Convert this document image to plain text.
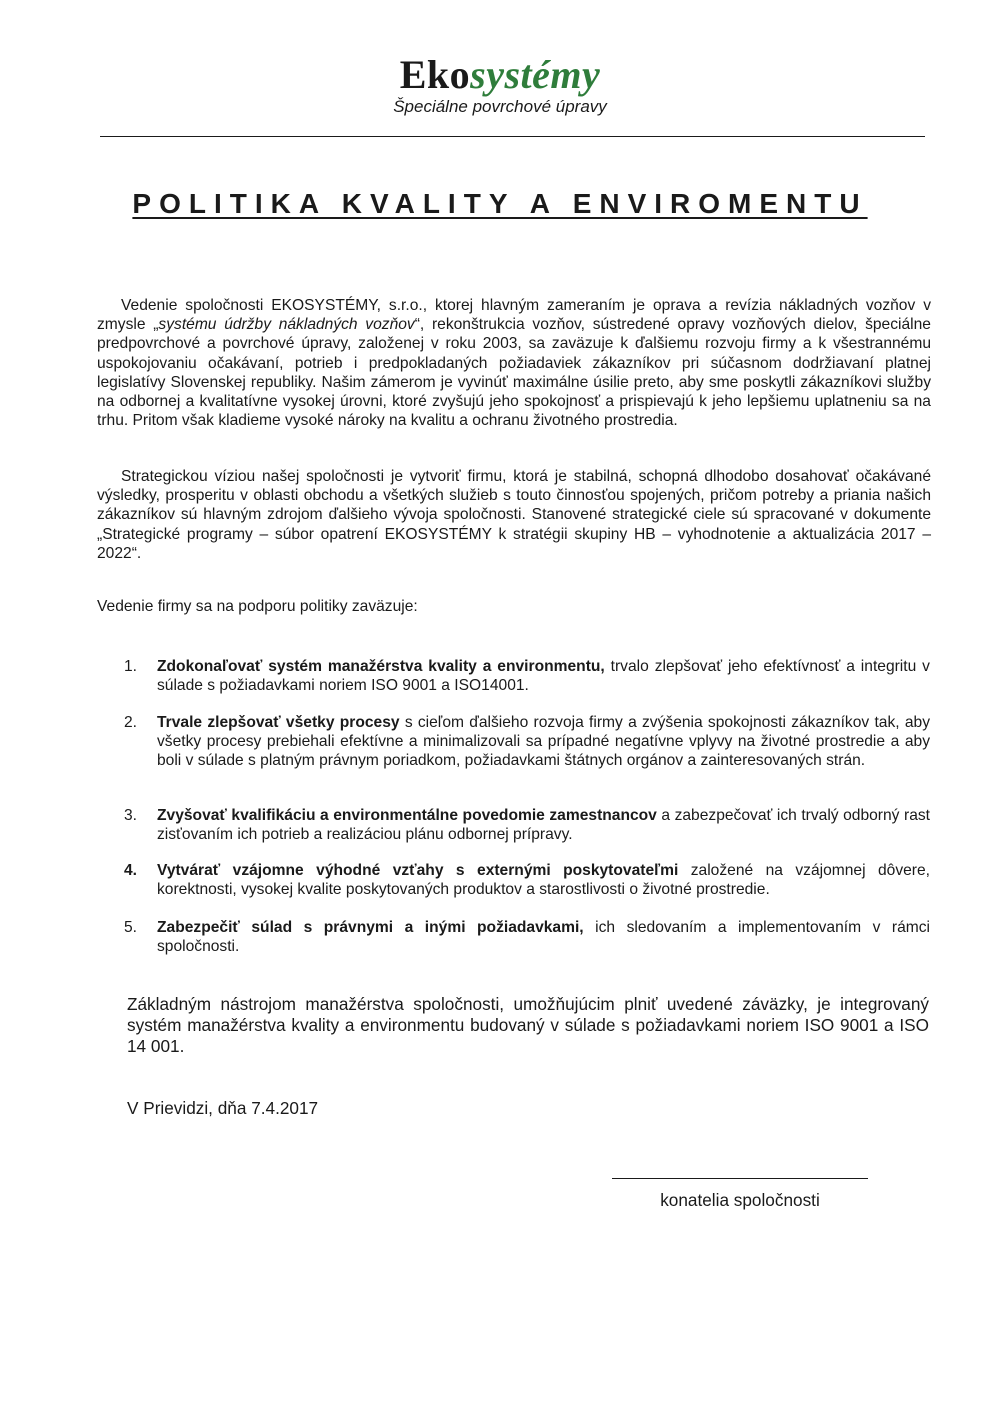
Ekosystémy
Špeciálne povrchové úpravy
POLITIKA KVALITY A ENVIROMENTU
Vedenie spoločnosti EKOSYSTÉMY, s.r.o., ktorej hlavným zameraním je oprava a revízia nákladných vozňov v zmysle „systému údržby nákladných vozňov“, rekonštrukcia vozňov, sústredené opravy vozňových dielov, špeciálne predpovrchové a povrchové úpravy, založenej v roku 2003, sa zaväzuje k ďalšiemu rozvoju firmy a k všestrannému uspokojovaniu očakávaní, potrieb i predpokladaných požiadaviek zákazníkov pri súčasnom dodržiavaní platnej legislatívy Slovenskej republiky. Našim zámerom je vyvinúť maximálne úsilie preto, aby sme poskytli zákazníkovi služby na odbornej a kvalitatívne vysokej úrovni, ktoré zvyšujú jeho spokojnosť a prispievajú k jeho lepšiemu uplatneniu sa na trhu. Pritom však kladieme vysoké nároky na kvalitu a ochranu životného prostredia.
Strategickou víziou našej spoločnosti je vytvoriť firmu, ktorá je stabilná, schopná dlhodobo dosahovať očakávané výsledky, prosperitu v oblasti obchodu a všetkých služieb s touto činnosťou spojených, pričom potreby a priania našich zákazníkov sú hlavným zdrojom ďalšieho vývoja spoločnosti. Stanovené strategické ciele sú spracované v dokumente „Strategické programy – súbor opatrení EKOSYSTÉMY k stratégii skupiny HB – vyhodnotenie a aktualizácia 2017 – 2022“.
Vedenie firmy sa na podporu politiky zaväzuje:
1.	Zdokonaľovať systém manažérstva kvality a environmentu, trvalo zlepšovať jeho efektívnosť a integritu v súlade s požiadavkami noriem ISO 9001 a ISO14001.
2.	Trvale zlepšovať všetky procesy s cieľom ďalšieho rozvoja firmy a zvýšenia spokojnosti zákazníkov tak, aby všetky procesy prebiehali efektívne a minimalizovali sa prípadné negatívne vplyvy na životné prostredie a aby boli v súlade s platným právnym poriadkom, požiadavkami štátnych orgánov a zainteresovaných strán.
3.	Zvyšovať kvalifikáciu a environmentálne povedomie zamestnancov a zabezpečovať ich trvalý odborný rast zisťovaním ich potrieb a realizáciou plánu odbornej prípravy.
4.	Vytvárať vzájomne výhodné vzťahy s externými poskytovateľmi založené na vzájomnej dôvere, korektnosti, vysokej kvalite poskytovaných produktov a starostlivosti o životné prostredie.
5.	Zabezpečiť súlad s právnymi a inými požiadavkami, ich sledovaním a implementovaním v rámci spoločnosti.
Základným nástrojom manažérstva spoločnosti, umožňujúcim plniť uvedené záväzky, je integrovaný systém manažérstva kvality a environmentu budovaný v súlade s požiadavkami noriem ISO 9001 a ISO 14 001.
V Prievidzi, dňa 7.4.2017
konatelia spoločnosti
